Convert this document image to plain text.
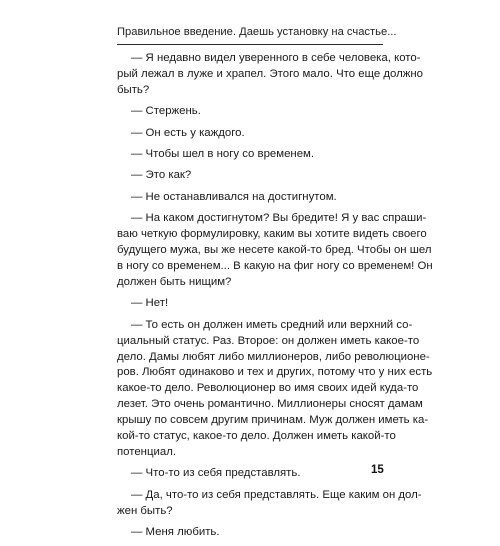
Правильное введение. Даешь установку на счастье...

— Я недавно видел уверенного в себе человека, кото-
рый лежал в луже и храпел. Этого мало. Что еще должно
быть?

— Стержень.

— Он есть у каждого.

— Чтобы шел в ногу со временем.

— Это как?

— Не останавливался на достигнутом.

— На каком достигнутом? Вы бредите! Я у вас спраши-
ваю четкую формулировку, каким вы хотите видеть своего
будущего мужа, вы же несете какой-то бред. Чтобы он шел
в ногу со временем... В какую на фиг ногу со временем! Он
должен быть нищим?

— Нет!

— То есть он должен иметь средний или верхний со-
циальный статус. Раз. Второе: он должен иметь какое-то
дело. Дамы любят либо миллионеров, либо революционе-
ров. Любят одинаково и тех и других, потому что у них есть
какое-то дело. Революционер во имя своих идей куда-то
лезет. Это очень романтично. Миллионеры сносят дамам
крышу по совсем другим причинам. Муж должен иметь ка-
кой-то статус, какое-то дело. Должен иметь какой-то
потенциал.

— Что-то из себя представлять.

— Да, что-то из себя представлять. Еще каким он дол-
жен быть?

— Меня любить.

15
